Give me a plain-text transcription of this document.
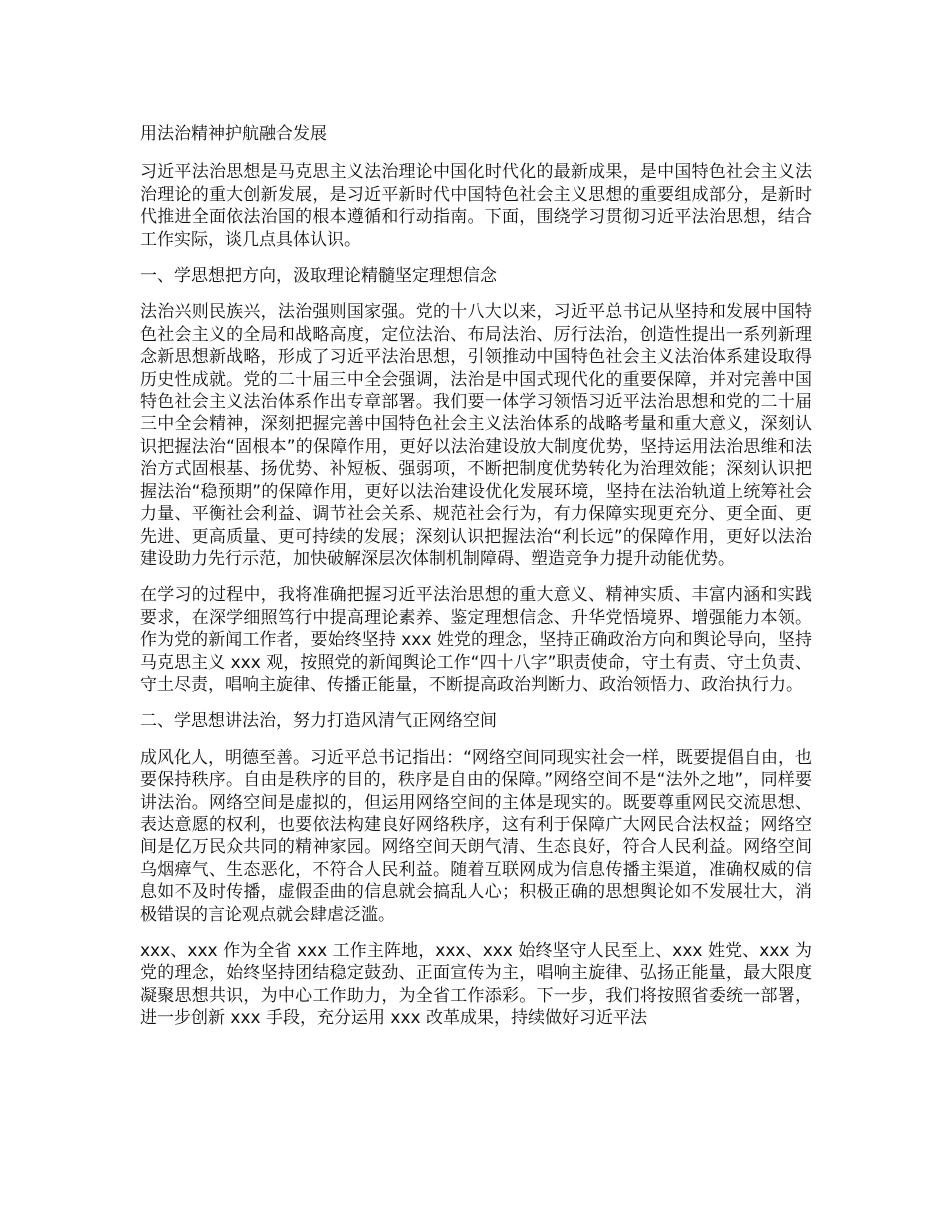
用法治精神护航融合发展

习近平法治思想是马克思主义法治理论中国化时代化的最新成果，是中国特色社会主义法治理论的重大创新发展，是习近平新时代中国特色社会主义思想的重要组成部分，是新时代推进全面依法治国的根本遵循和行动指南。下面，围绕学习贯彻习近平法治思想，结合工作实际，谈几点具体认识。

一、学思想把方向，汲取理论精髓坚定理想信念

法治兴则民族兴，法治强则国家强。党的十八大以来，习近平总书记从坚持和发展中国特色社会主义的全局和战略高度，定位法治、布局法治、厉行法治，创造性提出一系列新理念新思想新战略，形成了习近平法治思想，引领推动中国特色社会主义法治体系建设取得历史性成就。党的二十届三中全会强调，法治是中国式现代化的重要保障，并对完善中国特色社会主义法治体系作出专章部署。我们要一体学习领悟习近平法治思想和党的二十届三中全会精神，深刻把握完善中国特色社会主义法治体系的战略考量和重大意义，深刻认识把握法治“固根本”的保障作用，更好以法治建设放大制度优势，坚持运用法治思维和法治方式固根基、扬优势、补短板、强弱项，不断把制度优势转化为治理效能；深刻认识把握法治“稳预期”的保障作用，更好以法治建设优化发展环境，坚持在法治轨道上统筹社会力量、平衡社会利益、调节社会关系、规范社会行为，有力保障实现更充分、更全面、更先进、更高质量、更可持续的发展；深刻认识把握法治“利长远”的保障作用，更好以法治建设助力先行示范，加快破解深层次体制机制障碍、塑造竞争力提升动能优势。

在学习的过程中，我将准确把握习近平法治思想的重大意义、精神实质、丰富内涵和实践要求，在深学细照笃行中提高理论素养、鉴定理想信念、升华党悟境界、增强能力本领。作为党的新闻工作者，要始终坚持 xxx 姓党的理念，坚持正确政治方向和舆论导向，坚持马克思主义 xxx 观，按照党的新闻舆论工作“四十八字”职责使命，守土有责、守土负责、守土尽责，唱响主旋律、传播正能量，不断提高政治判断力、政治领悟力、政治执行力。

二、学思想讲法治，努力打造风清气正网络空间

成风化人，明德至善。习近平总书记指出：“网络空间同现实社会一样，既要提倡自由，也要保持秩序。自由是秩序的目的，秩序是自由的保障。”网络空间不是“法外之地”，同样要讲法治。网络空间是虚拟的，但运用网络空间的主体是现实的。既要尊重网民交流思想、表达意愿的权利，也要依法构建良好网络秩序，这有利于保障广大网民合法权益；网络空间是亿万民众共同的精神家园。网络空间天朗气清、生态良好，符合人民利益。网络空间乌烟瘴气、生态恶化，不符合人民利益。随着互联网成为信息传播主渠道，准确权威的信息如不及时传播，虚假歪曲的信息就会搞乱人心；积极正确的思想舆论如不发展壮大，消极错误的言论观点就会肆虐泛滥。

xxx、xxx 作为全省 xxx 工作主阵地，xxx、xxx 始终坚守人民至上、xxx 姓党、xxx 为党的理念，始终坚持团结稳定鼓劲、正面宣传为主，唱响主旋律、弘扬正能量，最大限度凝聚思想共识，为中心工作助力，为全省工作添彩。下一步，我们将按照省委统一部署，进一步创新 xxx 手段，充分运用 xxx 改革成果，持续做好习近平法
